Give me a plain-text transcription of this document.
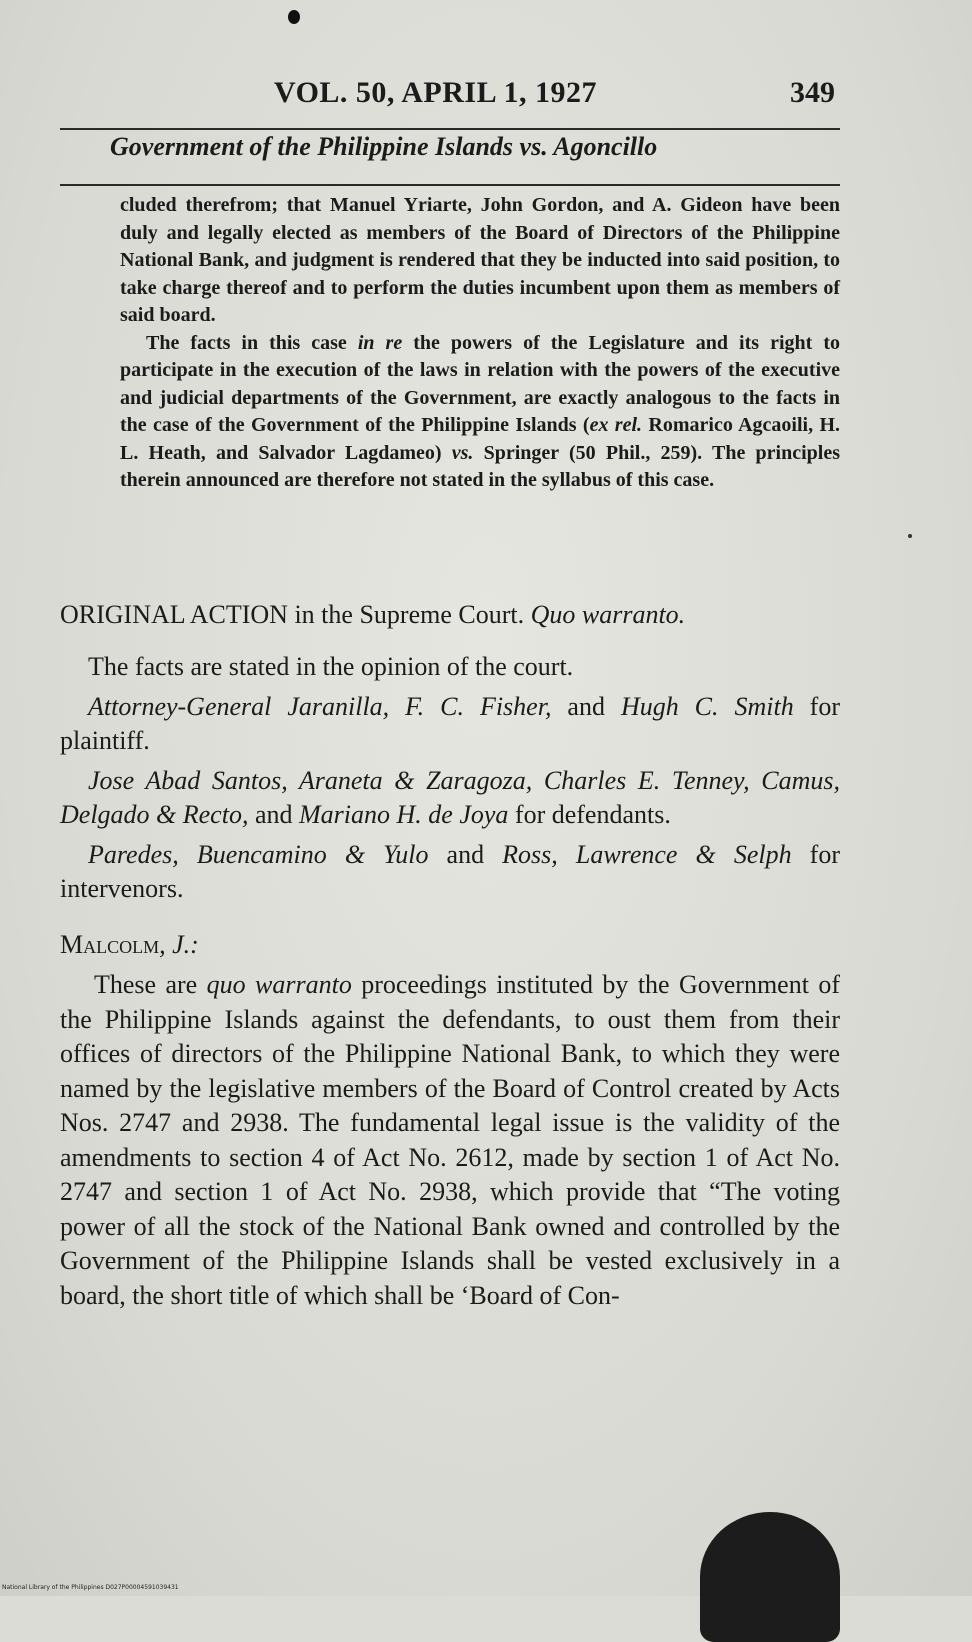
VOL. 50, APRIL 1, 1927	349
Government of the Philippine Islands vs. Agoncillo

cluded therefrom; that Manuel Yriarte, John Gordon, and A. Gideon have been duly and legally elected as members of the Board of Directors of the Philippine National Bank, and judgment is rendered that they be inducted into said position, to take charge thereof and to perform the duties incumbent upon them as members of said board.

The facts in this case in re the powers of the Legislature and its right to participate in the execution of the laws in relation with the powers of the executive and judicial departments of the Government, are exactly analogous to the facts in the case of the Government of the Philippine Islands (ex rel. Romarico Agcaoili, H. L. Heath, and Salvador Lagdameo) vs. Springer (50 Phil., 259). The principles therein announced are therefore not stated in the syllabus of this case.

ORIGINAL ACTION in the Supreme Court. Quo warranto.

The facts are stated in the opinion of the court.

Attorney-General Jaranilla, F. C. Fisher, and Hugh C. Smith for plaintiff.

Jose Abad Santos, Araneta & Zaragoza, Charles E. Tenney, Camus, Delgado & Recto, and Mariano H. de Joya for defendants.

Paredes, Buencamino & Yulo and Ross, Lawrence & Selph for intervenors.

Malcolm, J.:

These are quo warranto proceedings instituted by the Government of the Philippine Islands against the defendants, to oust them from their offices of directors of the Philippine National Bank, to which they were named by the legislative members of the Board of Control created by Acts Nos. 2747 and 2938. The fundamental legal issue is the validity of the amendments to section 4 of Act No. 2612, made by section 1 of Act No. 2747 and section 1 of Act No. 2938, which provide that “The voting power of all the stock of the National Bank owned and controlled by the Government of the Philippine Islands shall be vested exclusively in a board, the short title of which shall be ‘Board of Con-

National Library of the Philippines D027P00004591039431
